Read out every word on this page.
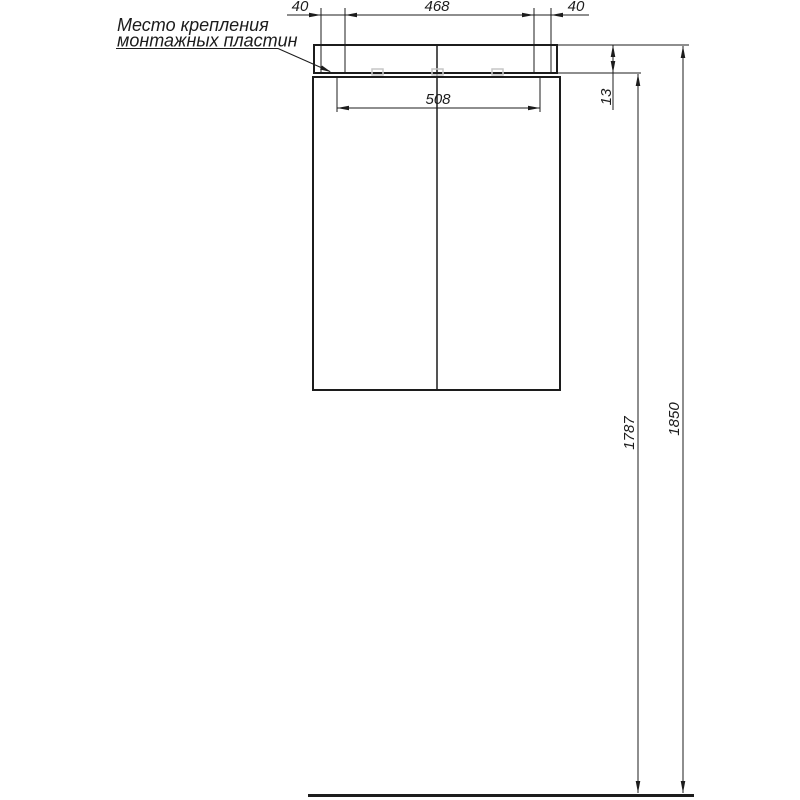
40	468	40
Место крепления
монтажных пластин
508	13
1787 1850
